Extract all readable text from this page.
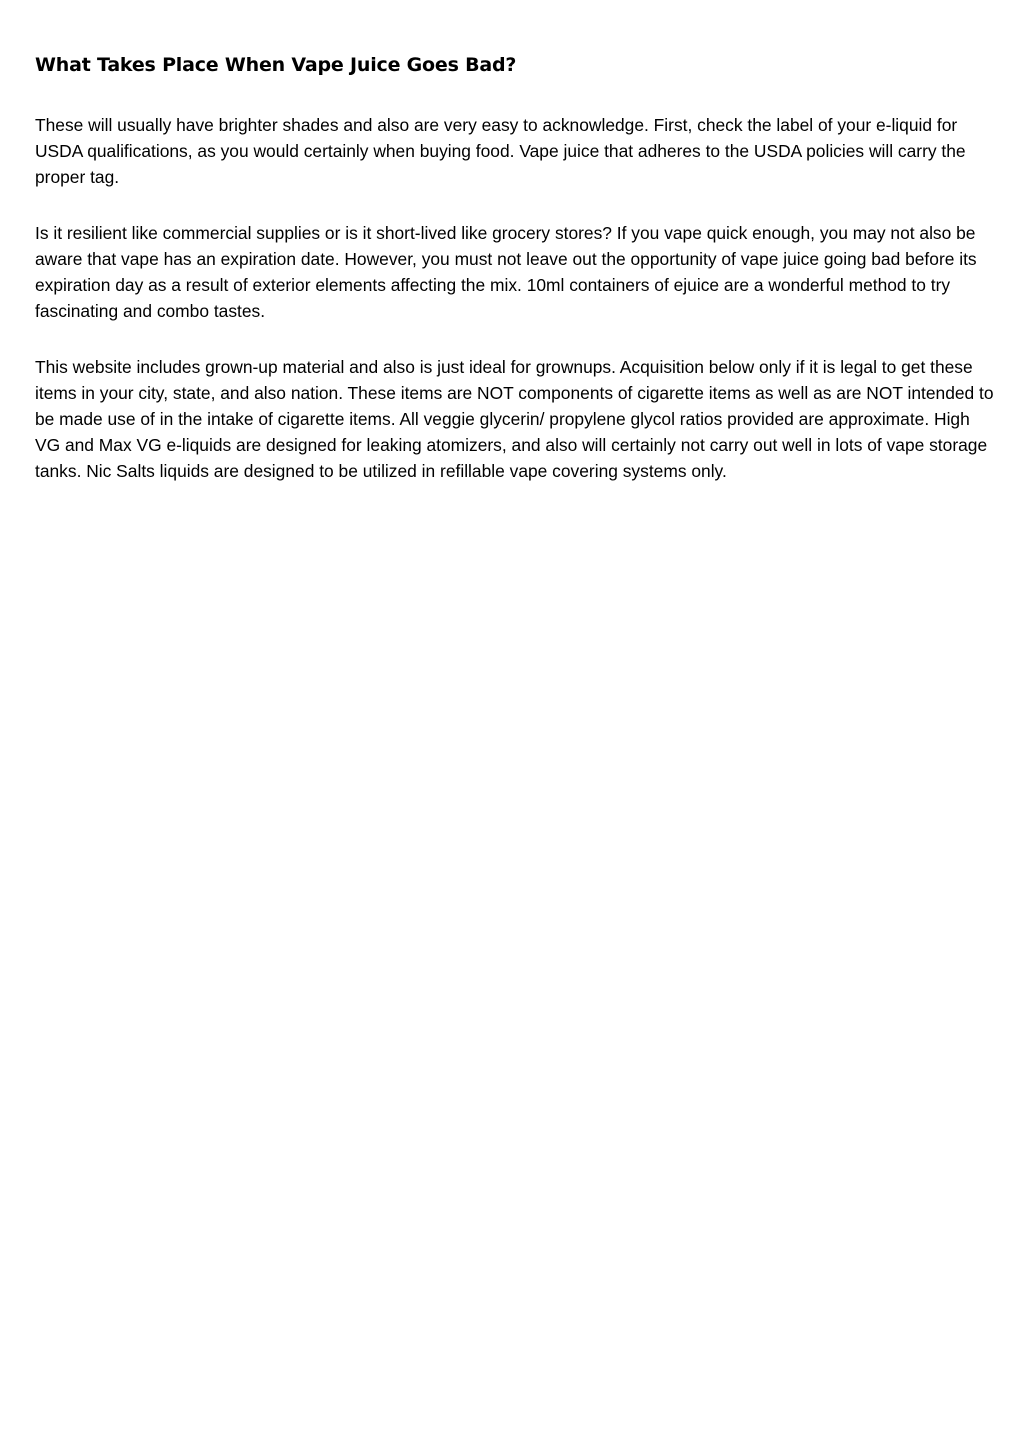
What Takes Place When Vape Juice Goes Bad?

These will usually have brighter shades and also are very easy to acknowledge. First, check the label of your e-liquid for USDA qualifications, as you would certainly when buying food. Vape juice that adheres to the USDA policies will carry the proper tag.

Is it resilient like commercial supplies or is it short-lived like grocery stores? If you vape quick enough, you may not also be aware that vape has an expiration date. However, you must not leave out the opportunity of vape juice going bad before its expiration day as a result of exterior elements affecting the mix. 10ml containers of ejuice are a wonderful method to try fascinating and combo tastes.

This website includes grown-up material and also is just ideal for grownups. Acquisition below only if it is legal to get these items in your city, state, and also nation. These items are NOT components of cigarette items as well as are NOT intended to be made use of in the intake of cigarette items. All veggie glycerin/ propylene glycol ratios provided are approximate. High VG and Max VG e-liquids are designed for leaking atomizers, and also will certainly not carry out well in lots of vape storage tanks. Nic Salts liquids are designed to be utilized in refillable vape covering systems only.
